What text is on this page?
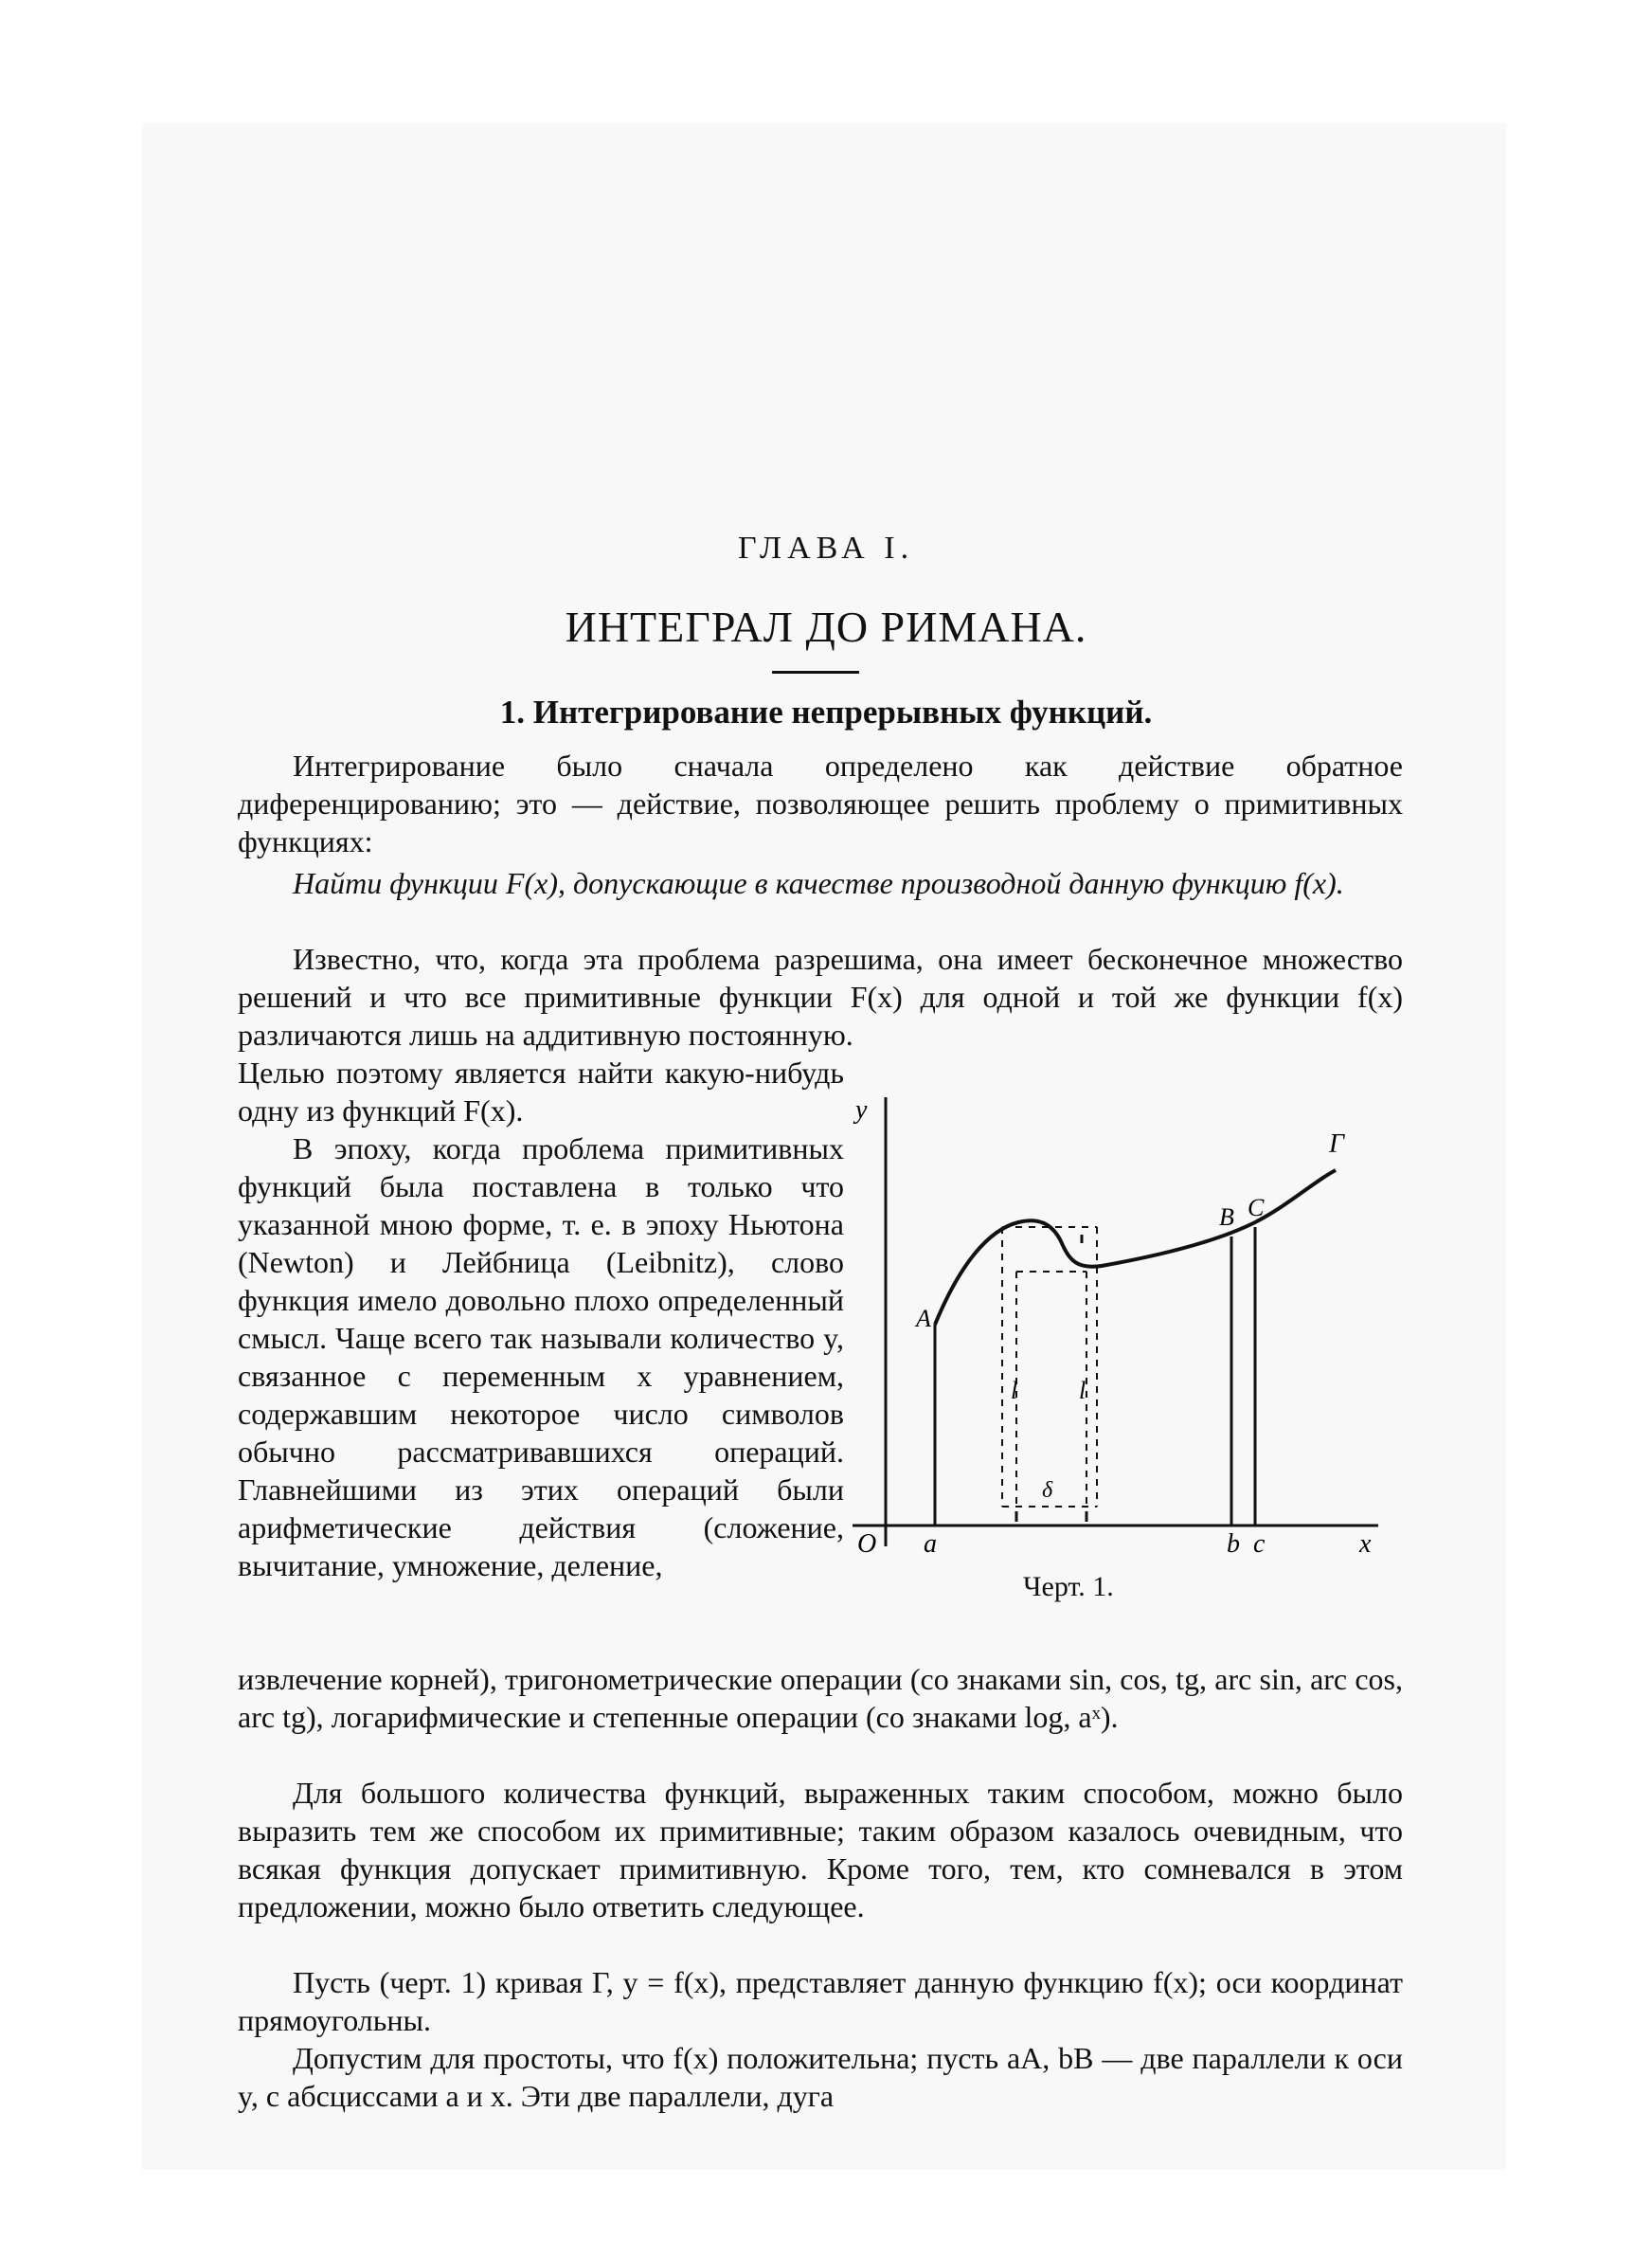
ГЛАВА I.
ИНТЕГРАЛ ДО РИМАНА.
1. Интегрирование непрерывных функций.

Интегрирование было сначала определено как действие обратное диференцированию; это — действие, позволяющее решить проблему о примитивных функциях:

Найти функции F(x), допускающие в качестве производной данную функцию f(x).

Известно, что, когда эта проблема разрешима, она имеет бесконечное множество решений и что все примитивные функции F(x) для одной и той же функции f(x) различаются лишь на аддитивную постоянную.

Целью поэтому является найти какую-нибудь одну из функций F(x).

В эпоху, когда проблема примитивных функций была поставлена в только что указанной мною форме, т. е. в эпоху Ньютона (Newton) и Лейбница (Leibnitz), слово функция имело довольно плохо определенный смысл. Чаще всего так называли количество y, связанное с переменным x уравнением, содержавшим некоторое число символов обычно рассматривавшихся операций. Главнейшими из этих операций были арифметические действия (сложение, вычитание, умножение, деление,

извлечение корней), тригонометрические операции (со знаками sin, cos, tg, arc sin, arc cos, arc tg), логарифмические и степенные операции (со знаками log, aˣ).

Для большого количества функций, выраженных таким способом, можно было выразить тем же способом их примитивные; таким образом казалось очевидным, что всякая функция допускает примитивную. Кроме того, тем, кто сомневался в этом предложении, можно было ответить следующее.

Пусть (черт. 1) кривая Γ, y = f(x), представляет данную функцию f(x); оси координат прямоугольны.

Допустим для простоты, что f(x) положительна; пусть aA, bB — две параллели к оси y, с абсциссами a и x. Эти две параллели, дуга

y
O a	b c	x
A
B C
Γ
l l
δ
Черт. 1.
